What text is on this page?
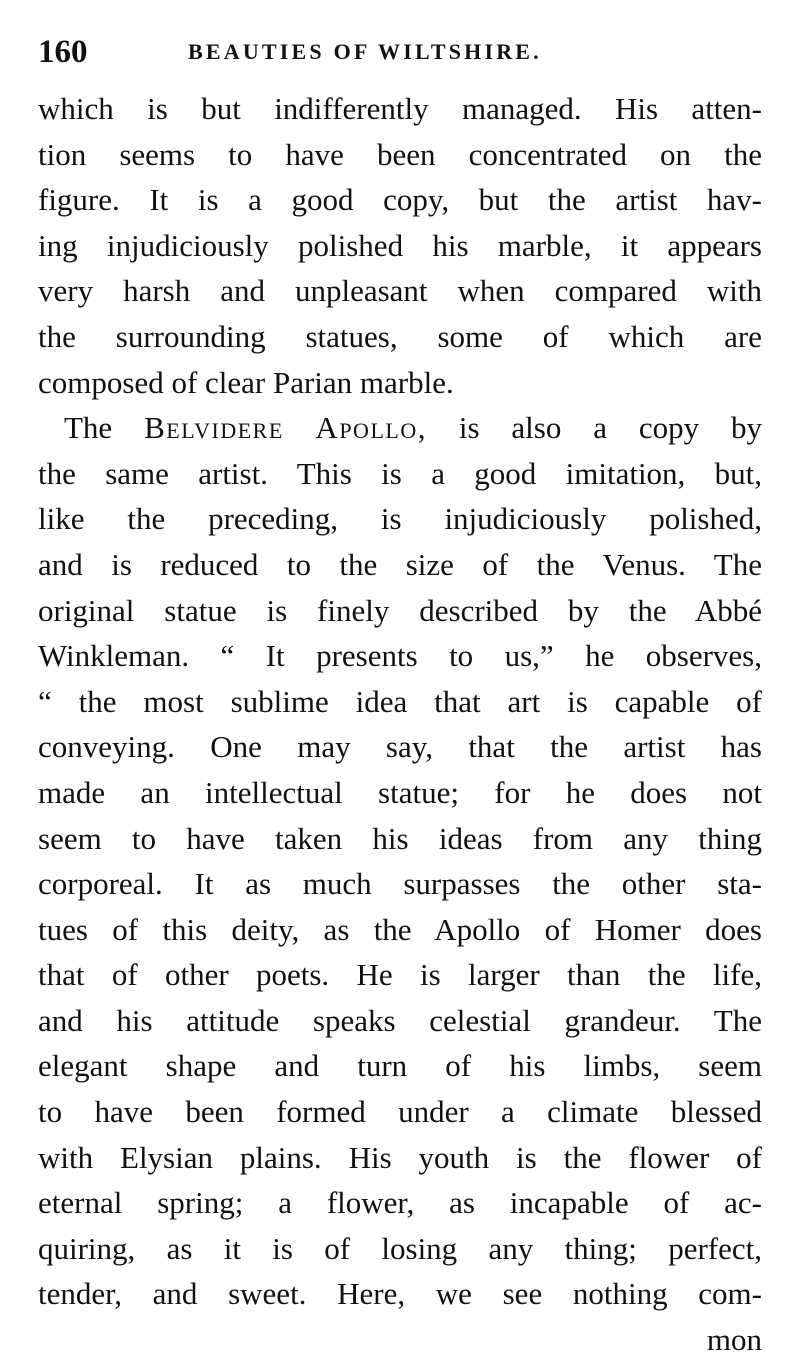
160	BEAUTIES OF WILTSHIRE.
which is but indifferently managed. His atten-
tion seems to have been concentrated on the
figure. It is a good copy, but the artist hav-
ing injudiciously polished his marble, it appears
very harsh and unpleasant when compared with
the surrounding statues, some of which are
composed of clear Parian marble.
The Belvidere Apollo, is also a copy by
the same artist. This is a good imitation, but,
like the preceding, is injudiciously polished,
and is reduced to the size of the Venus. The
original statue is finely described by the Abbé
Winkleman. “ It presents to us,” he observes,
“ the most sublime idea that art is capable of
conveying. One may say, that the artist has
made an intellectual statue; for he does not
seem to have taken his ideas from any thing
corporeal. It as much surpasses the other sta-
tues of this deity, as the Apollo of Homer does
that of other poets. He is larger than the life,
and his attitude speaks celestial grandeur. The
elegant shape and turn of his limbs, seem
to have been formed under a climate blessed
with Elysian plains. His youth is the flower of
eternal spring; a flower, as incapable of ac-
quiring, as it is of losing any thing; perfect,
tender, and sweet. Here, we see nothing com-
mon
